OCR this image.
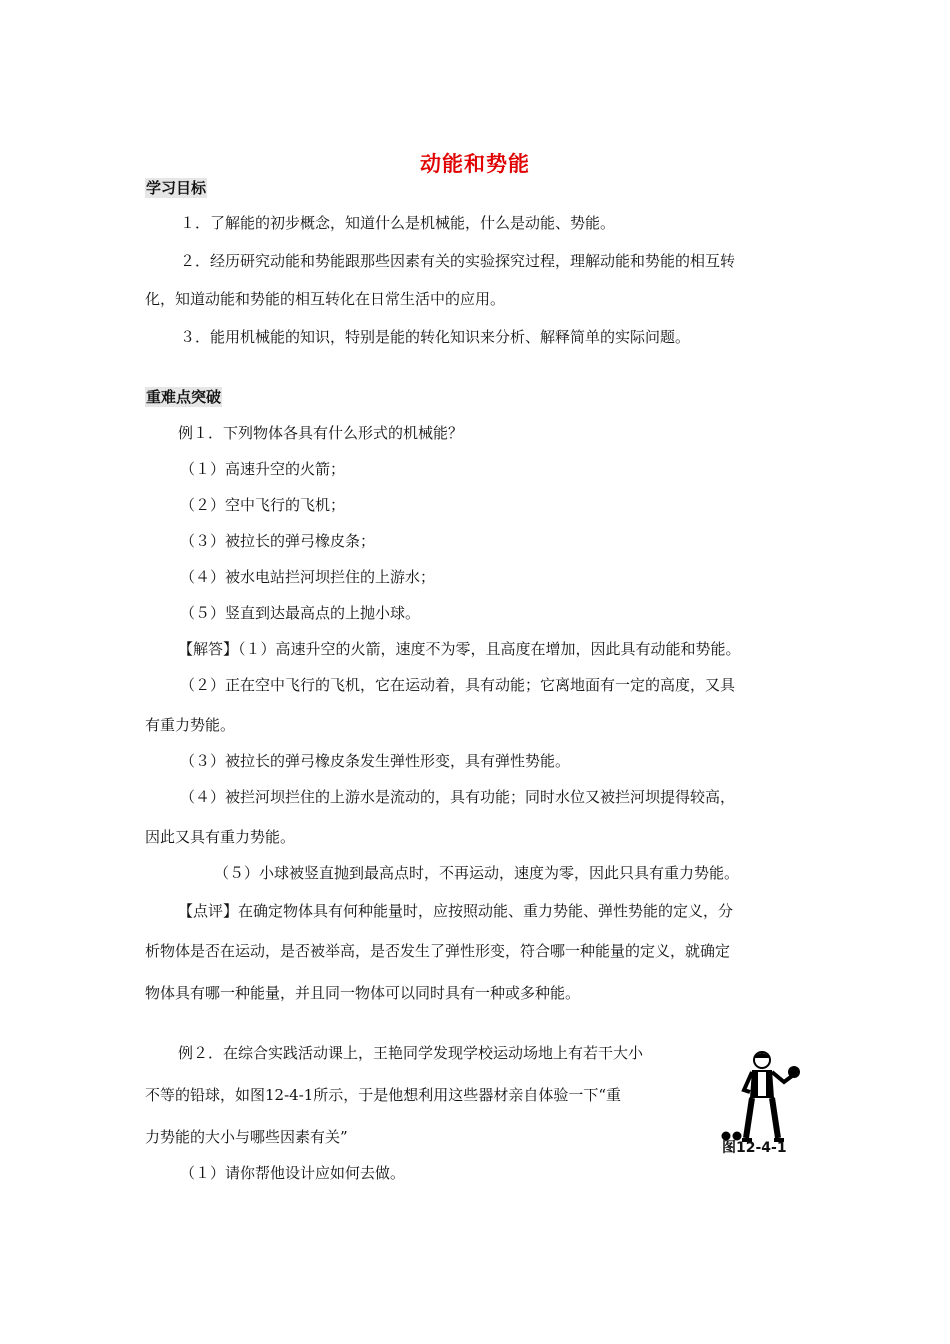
动能和势能
学习目标
１．了解能的初步概念，知道什么是机械能，什么是动能、势能。
２．经历研究动能和势能跟那些因素有关的实验探究过程，理解动能和势能的相互转
化，知道动能和势能的相互转化在日常生活中的应用。
３．能用机械能的知识，特别是能的转化知识来分析、解释简单的实际问题。
重难点突破
例１．下列物体各具有什么形式的机械能？
（１）高速升空的火箭；
（２）空中飞行的飞机；
（３）被拉长的弹弓橡皮条；
（４）被水电站拦河坝拦住的上游水；
（５）竖直到达最高点的上抛小球。
【解答】（１）高速升空的火箭，速度不为零，且高度在增加，因此具有动能和势能。
（２）正在空中飞行的飞机，它在运动着，具有动能；它离地面有一定的高度，又具
有重力势能。
（３）被拉长的弹弓橡皮条发生弹性形变，具有弹性势能。
（４）被拦河坝拦住的上游水是流动的，具有功能；同时水位又被拦河坝提得较高，
因此又具有重力势能。
（５）小球被竖直抛到最高点时，不再运动，速度为零，因此只具有重力势能。
【点评】在确定物体具有何种能量时，应按照动能、重力势能、弹性势能的定义，分
析物体是否在运动，是否被举高，是否发生了弹性形变，符合哪一种能量的定义，就确定
物体具有哪一种能量，并且同一物体可以同时具有一种或多种能。
例２．在综合实践活动课上，王艳同学发现学校运动场地上有若干大小
不等的铅球，如图12-4-1所示，于是他想利用这些器材亲自体验一下“重
力势能的大小与哪些因素有关”
（１）请你帮他设计应如何去做。
图12-4-1
